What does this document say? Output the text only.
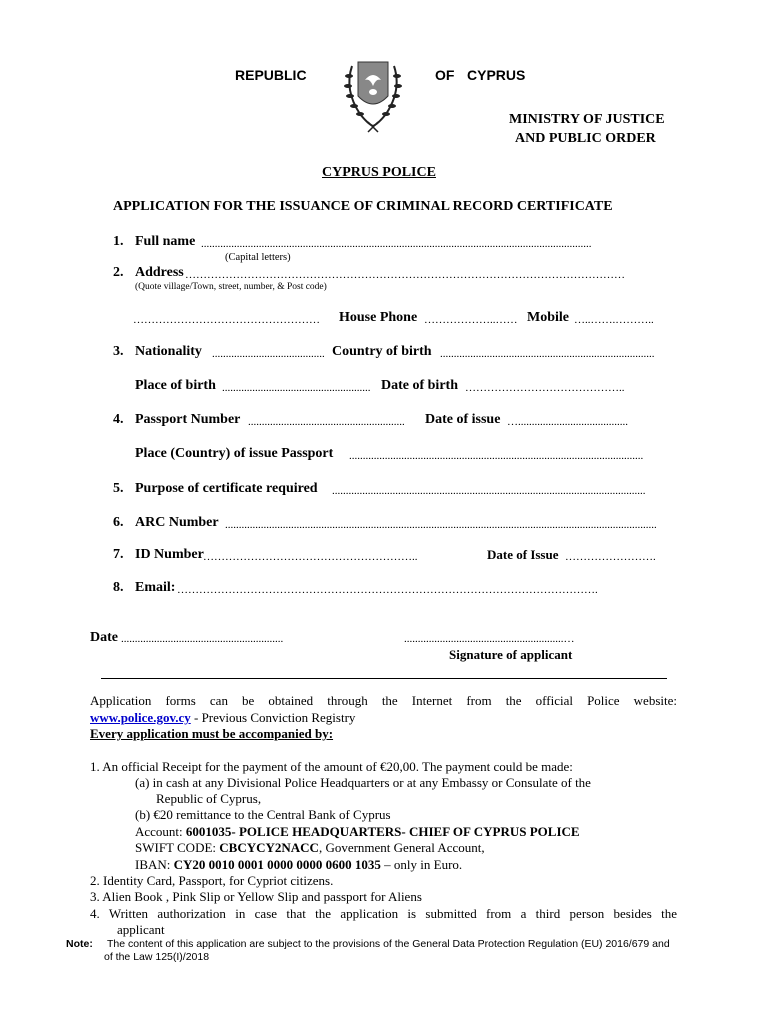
REPUBLIC	OF CYPRUS
MINISTRY OF JUSTICE
AND PUBLIC ORDER
CYPRUS POLICE
APPLICATION FOR THE ISSUANCE OF CRIMINAL RECORD CERTIFICATE
1. Full name ..............................................................................................................................................
(Capital letters)
2. Address …………………………………………………………………………………………………………
(Quote village/Town, street, number, & Post code)
……………………………………………	House Phone ………………..…… Mobile …..…….………..
3. Nationality ......................................... Country of birth ..............................................................................
Place of birth ...................................................... Date of birth ……………………………………..
4. Passport Number .........................................................	Date of issue …........................................
Place (Country) of issue Passport ...........................................................................................................
5. Purpose of certificate required ..................................................................................................................
6. ARC Number .............................................................................................................................................................
7. ID Number …………………………………………………..	Date of Issue …………………….
8. Email: …………………………………………………………………………………………………….
Date ...........................................................	..........................................................…
Signature of applicant
Application forms can be obtained through the Internet from the official Police website:
www.police.gov.cy - Previous Conviction Registry
Every application must be accompanied by:
1. An official Receipt for the payment of the amount of €20,00. The payment could be made:
(a) in cash at any Divisional Police Headquarters or at any Embassy or Consulate of the
Republic of Cyprus,
(b) €20 remittance to the Central Bank of Cyprus
Account: 6001035- POLICE HEADQUARTERS- CHIEF OF CYPRUS POLICE
SWIFT CODE: CBCYCY2NACC, Government General Account,
IBAN: CY20 0010 0001 0000 0000 0600 1035 – only in Euro.
2. Identity Card, Passport, for Cypriot citizens.
3. Alien Book , Pink Slip or Yellow Slip and passport for Aliens
4. Written authorization in case that the application is submitted from a third person besides the
applicant
Note: The content of this application are subject to the provisions of the General Data Protection Regulation (EU) 2016/679 and
of the Law 125(I)/2018
